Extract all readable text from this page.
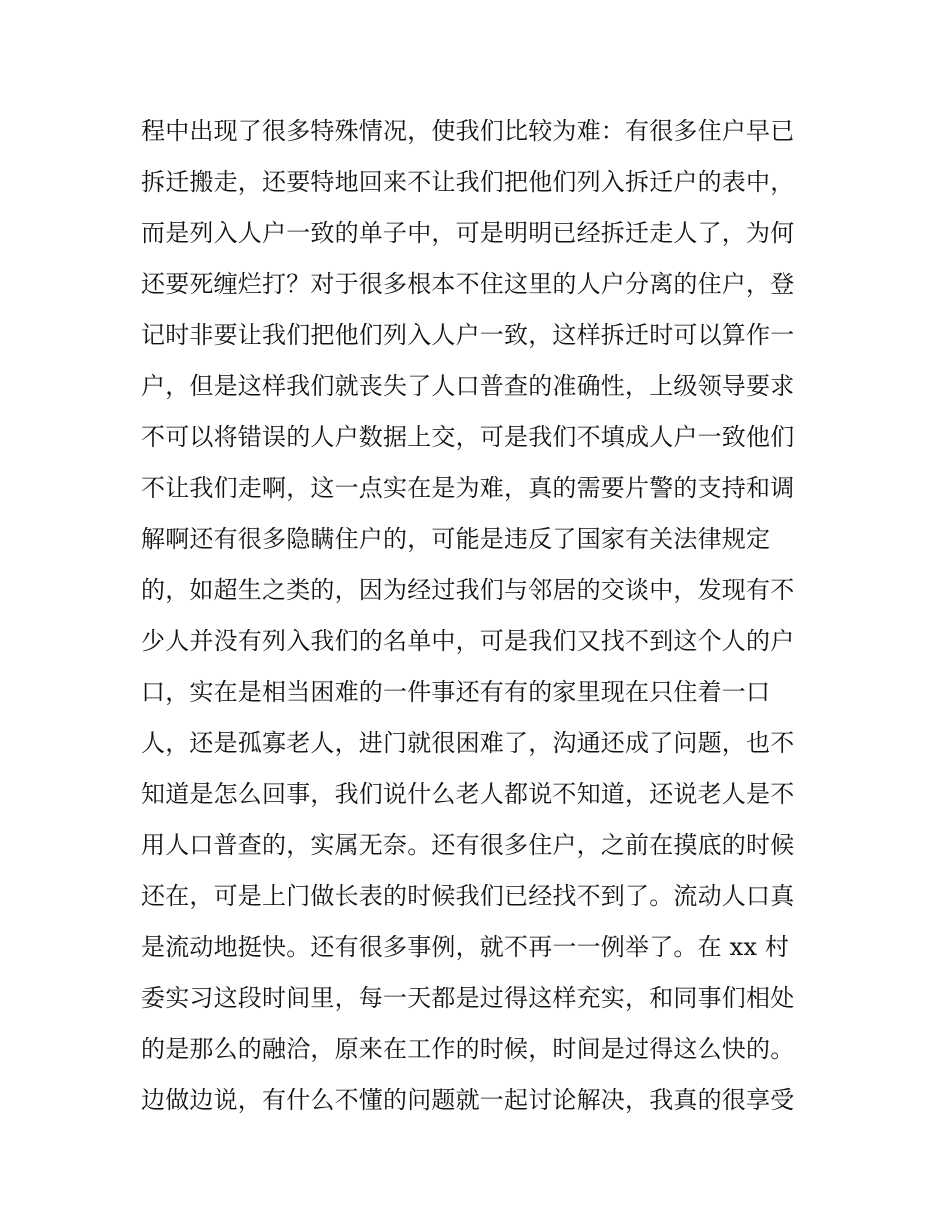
程中出现了很多特殊情况，使我们比较为难：有很多住户早已
拆迁搬走，还要特地回来不让我们把他们列入拆迁户的表中，
而是列入人户一致的单子中，可是明明已经拆迁走人了，为何
还要死缠烂打？对于很多根本不住这里的人户分离的住户，登
记时非要让我们把他们列入人户一致，这样拆迁时可以算作一
户，但是这样我们就丧失了人口普查的准确性，上级领导要求
不可以将错误的人户数据上交，可是我们不填成人户一致他们
不让我们走啊，这一点实在是为难，真的需要片警的支持和调
解啊还有很多隐瞒住户的，可能是违反了国家有关法律规定
的，如超生之类的，因为经过我们与邻居的交谈中，发现有不
少人并没有列入我们的名单中，可是我们又找不到这个人的户
口，实在是相当困难的一件事还有有的家里现在只住着一口
人，还是孤寡老人，进门就很困难了，沟通还成了问题，也不
知道是怎么回事，我们说什么老人都说不知道，还说老人是不
用人口普查的，实属无奈。还有很多住户，之前在摸底的时候
还在，可是上门做长表的时候我们已经找不到了。流动人口真
是流动地挺快。还有很多事例，就不再一一例举了。在 xx 村
委实习这段时间里，每一天都是过得这样充实，和同事们相处
的是那么的融洽，原来在工作的时候，时间是过得这么快的。
边做边说，有什么不懂的问题就一起讨论解决，我真的很享受
